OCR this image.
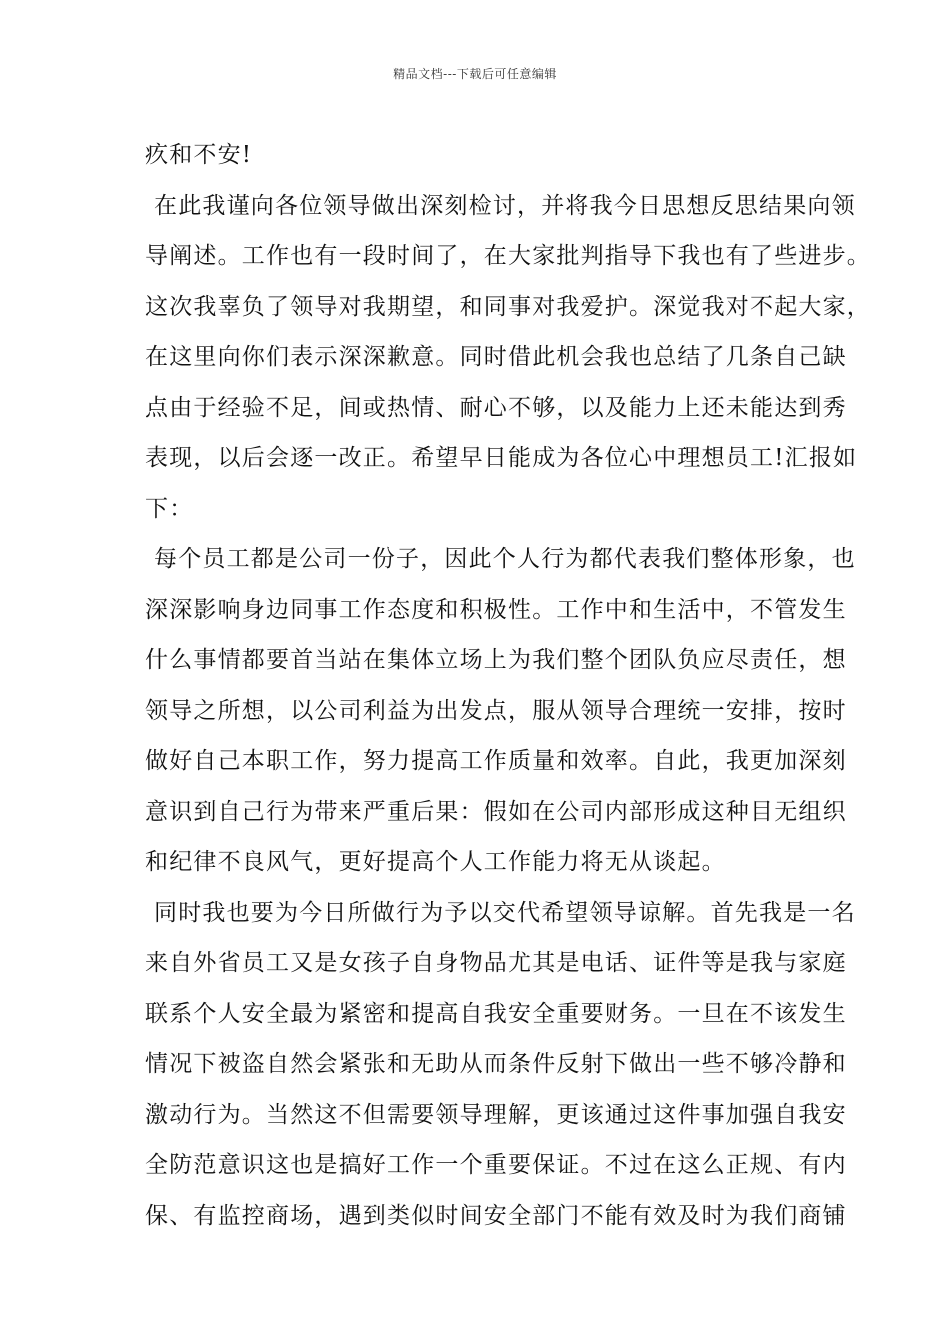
精品文档---下载后可任意编辑
疚和不安!
在此我谨向各位领导做出深刻检讨，并将我今日思想反思结果向领
导阐述。工作也有一段时间了，在大家批判指导下我也有了些进步。
这次我辜负了领导对我期望，和同事对我爱护。深觉我对不起大家，
在这里向你们表示深深歉意。同时借此机会我也总结了几条自己缺
点由于经验不足，间或热情、耐心不够，以及能力上还未能达到秀
表现，以后会逐一改正。希望早日能成为各位心中理想员工!汇报如
下：
每个员工都是公司一份子，因此个人行为都代表我们整体形象，也
深深影响身边同事工作态度和积极性。工作中和生活中，不管发生
什么事情都要首当站在集体立场上为我们整个团队负应尽责任，想
领导之所想，以公司利益为出发点，服从领导合理统一安排，按时
做好自己本职工作，努力提高工作质量和效率。自此，我更加深刻
意识到自己行为带来严重后果：假如在公司内部形成这种目无组织
和纪律不良风气，更好提高个人工作能力将无从谈起。
同时我也要为今日所做行为予以交代希望领导谅解。首先我是一名
来自外省员工又是女孩子自身物品尤其是电话、证件等是我与家庭
联系个人安全最为紧密和提高自我安全重要财务。一旦在不该发生
情况下被盗自然会紧张和无助从而条件反射下做出一些不够冷静和
激动行为。当然这不但需要领导理解，更该通过这件事加强自我安
全防范意识这也是搞好工作一个重要保证。不过在这么正规、有内
保、有监控商场，遇到类似时间安全部门不能有效及时为我们商铺
